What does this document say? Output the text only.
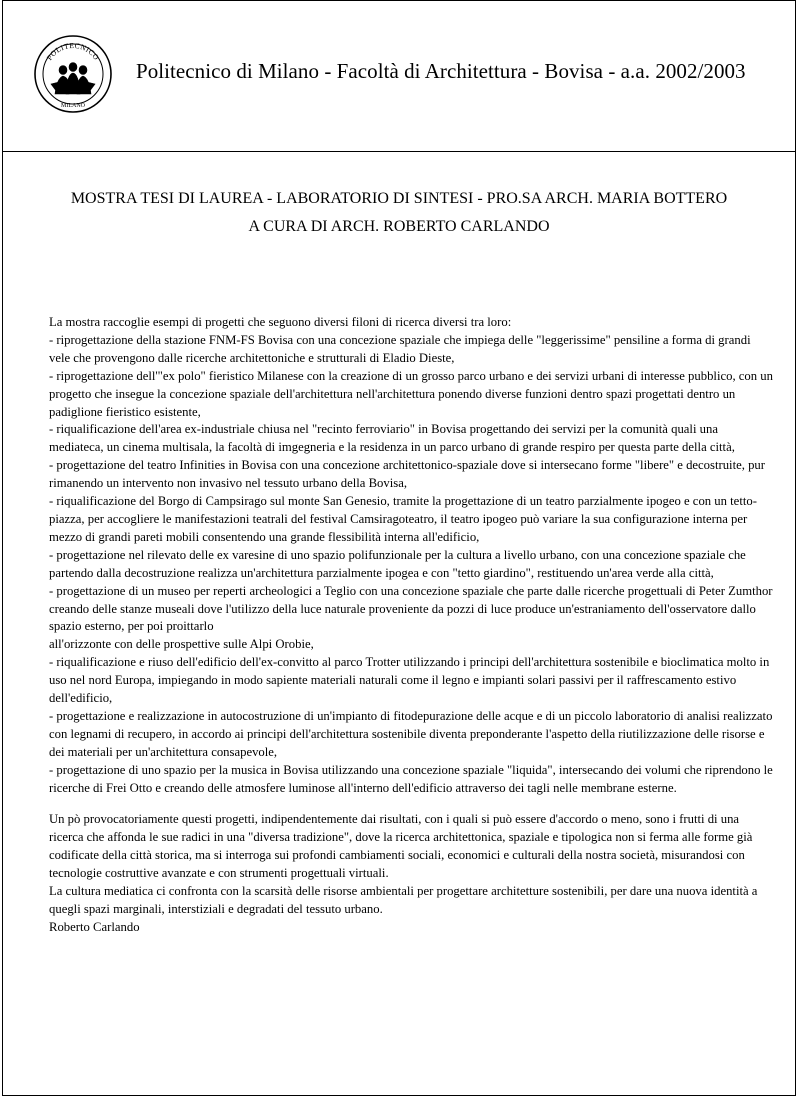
POLITECNICO
MILANO
Politecnico di Milano - Facoltà di Architettura - Bovisa - a.a. 2002/2003
MOSTRA TESI DI LAUREA - LABORATORIO DI SINTESI - PRO.SA ARCH. MARIA BOTTERO
A CURA DI ARCH. ROBERTO CARLANDO

La mostra raccoglie esempi di progetti che seguono diversi filoni di ricerca diversi tra loro:

- riprogettazione della stazione FNM-FS Bovisa con una concezione spaziale che impiega delle "leggerissime" pensiline a forma di grandi vele che provengono dalle ricerche architettoniche e strutturali di Eladio Dieste,

- riprogettazione dell'"ex polo" fieristico Milanese con la creazione di un grosso parco urbano e dei servizi urbani di interesse pubblico, con un progetto che insegue la concezione spaziale dell'architettura nell'architettura ponendo diverse funzioni dentro spazi progettati dentro un padiglione fieristico esistente,

- riqualificazione dell'area ex-industriale chiusa nel "recinto ferroviario" in Bovisa progettando dei servizi per la comunità quali una mediateca, un cinema multisala, la facoltà di imgegneria e la residenza in un parco urbano di grande respiro per questa parte della città,

- progettazione del teatro Infinities in Bovisa con una concezione architettonico-spaziale dove si intersecano forme "libere" e decostruite, pur rimanendo un intervento non invasivo nel tessuto urbano della Bovisa,

- riqualificazione del Borgo di Campsirago sul monte San Genesio, tramite la progettazione di un teatro parzialmente ipogeo e con un tetto-piazza, per accogliere le manifestazioni teatrali del festival Camsiragoteatro, il teatro ipogeo può variare la sua configurazione interna per mezzo di grandi pareti mobili consentendo una grande flessibilità interna all'edificio,

- progettazione nel rilevato delle ex varesine di uno spazio polifunzionale per la cultura a livello urbano, con una concezione spaziale che partendo dalla decostruzione realizza un'architettura parzialmente ipogea e con "tetto giardino", restituendo un'area verde alla città,

- progettazione di un museo per reperti archeologici a Teglio con una concezione spaziale che parte dalle ricerche progettuali di Peter Zumthor creando delle stanze museali dove l'utilizzo della luce naturale proveniente da pozzi di luce produce un'estraniamento dell'osservatore dallo spazio esterno, per poi proittarlo

all'orizzonte con delle prospettive sulle Alpi Orobie,

- riqualificazione e riuso dell'edificio dell'ex-convitto al parco Trotter utilizzando i principi dell'architettura sostenibile e bioclimatica molto in uso nel nord Europa, impiegando in modo sapiente materiali naturali come il legno e impianti solari passivi per il raffrescamento estivo dell'edificio,

- progettazione e realizzazione in autocostruzione di un'impianto di fitodepurazione delle acque e di un piccolo laboratorio di analisi realizzato con legnami di recupero, in accordo ai principi dell'architettura sostenibile diventa preponderante l'aspetto della riutilizzazione delle risorse e dei materiali per un'architettura consapevole,

- progettazione di uno spazio per la musica in Bovisa utilizzando una concezione spaziale "liquida", intersecando dei volumi che riprendono le ricerche di Frei Otto e creando delle atmosfere luminose all'interno dell'edificio attraverso dei tagli nelle membrane esterne.

Un pò provocatoriamente questi progetti, indipendentemente dai risultati, con i quali si può essere d'accordo o meno, sono i frutti di una ricerca che affonda le sue radici in una "diversa tradizione", dove la ricerca architettonica, spaziale e tipologica non si ferma alle forme già codificate della città storica, ma si interroga sui profondi cambiamenti sociali, economici e culturali della nostra società, misurandosi con tecnologie costruttive avanzate e con strumenti progettuali virtuali.

La cultura mediatica ci confronta con la scarsità delle risorse ambientali per progettare architetture sostenibili, per dare una nuova identità a quegli spazi marginali, interstiziali e degradati del tessuto urbano.

Roberto Carlando
